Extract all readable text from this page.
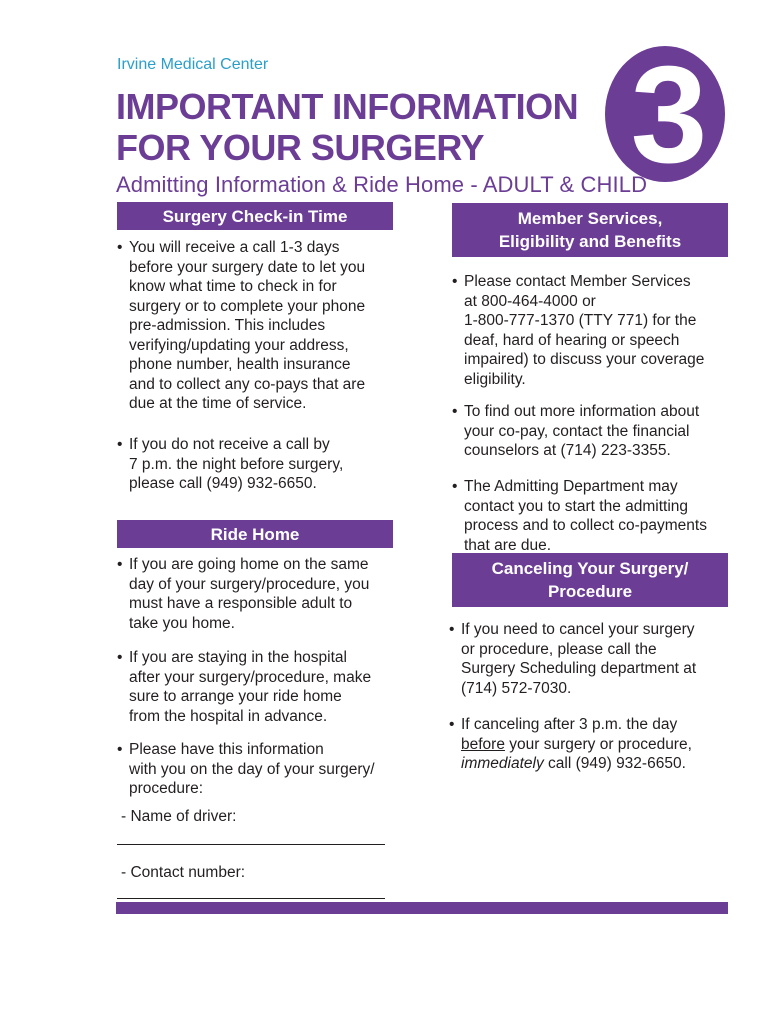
Irvine Medical Center
IMPORTANT INFORMATION
FOR YOUR SURGERY	3
Admitting Information & Ride Home - ADULT & CHILD
Surgery Check-in Time
• You will receive a call 1-3 days
before your surgery date to let you
know what time to check in for
surgery or to complete your phone
pre-admission. This includes
verifying/updating your address,
phone number, health insurance
and to collect any co-pays that are
due at the time of service.
• If you do not receive a call by
7 p.m. the night before surgery,
please call (949) 932-6650.
Ride Home
• If you are going home on the same
day of your surgery/procedure, you
must have a responsible adult to
take you home.
• If you are staying in the hospital
after your surgery/procedure, make
sure to arrange your ride home
from the hospital in advance.
• Please have this information
with you on the day of your surgery/
procedure:
- Name of driver:
- Contact number:
Member Services,
Eligibility and Benefits
• Please contact Member Services
at 800-464-4000 or
1-800-777-1370 (TTY 771) for the
deaf, hard of hearing or speech
impaired) to discuss your coverage
eligibility.
• To find out more information about
your co-pay, contact the financial
counselors at (714) 223-3355.
• The Admitting Department may
contact you to start the admitting
process and to collect co-payments
that are due.
Canceling Your Surgery/
Procedure
• If you need to cancel your surgery
or procedure, please call the
Surgery Scheduling department at
(714) 572-7030.
• If canceling after 3 p.m. the day
before your surgery or procedure,
immediately call (949) 932-6650.
